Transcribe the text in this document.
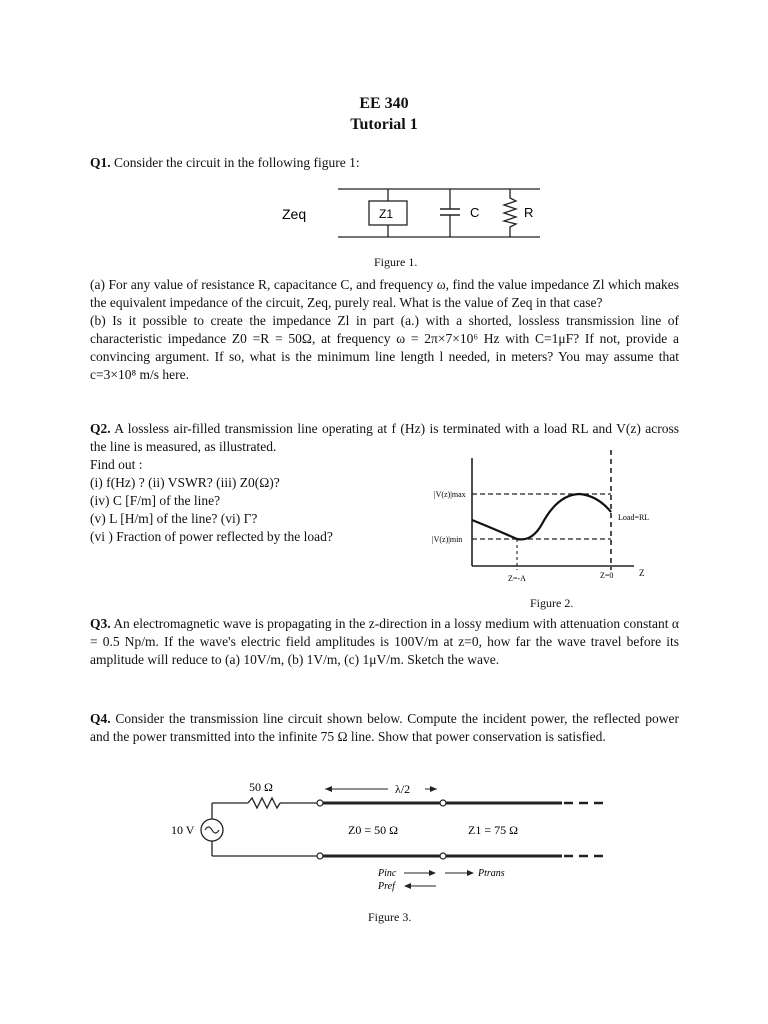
EE 340
Tutorial 1
Q1. Consider the circuit in the following figure 1:
Zeq	Z1	C	R
Figure 1.

(a) For any value of resistance R, capacitance C, and frequency ω, find the value impedance Zl which makes the equivalent impedance of the circuit, Zeq, purely real. What is the value of Zeq in that case?

(b) Is it possible to create the impedance Zl in part (a.) with a shorted, lossless transmission line of characteristic impedance Z0 =R = 50Ω, at frequency ω = 2π×7×10⁶ Hz with C=1μF? If not, provide a convincing argument. If so, what is the minimum line length l needed, in meters? You may assume that c=3×10⁸ m/s here.

Q2. A lossless air-filled transmission line operating at f (Hz) is terminated with a load RL and V(z) across the line is measured, as illustrated.
Find out :
(i) f(Hz) ? (ii) VSWR? (iii) Z0(Ω)?
(iv) C [F/m] of the line?
(v) L [H/m] of the line? (vi) Γ?
(vi ) Fraction of power reflected by the load?
|V(z)|max
|V(z)|min
Load=RL
Z=-A	Z=0	Z
Figure 2.
Q3. An electromagnetic wave is propagating in the z-direction in a lossy medium with attenuation constant α = 0.5 Np/m. If the wave's electric field amplitudes is 100V/m at z=0, how far the wave travel before its amplitude will reduce to (a) 10V/m, (b) 1V/m, (c) 1μV/m. Sketch the wave.
Q4. Consider the transmission line circuit shown below. Compute the incident power, the reflected power and the power transmitted into the infinite 75 Ω line. Show that power conservation is satisfied.
50 Ω	λ/2
10 V	Z0 = 50 Ω	Z1 = 75 Ω
Pinc	Ptrans
Pref
Figure 3.
